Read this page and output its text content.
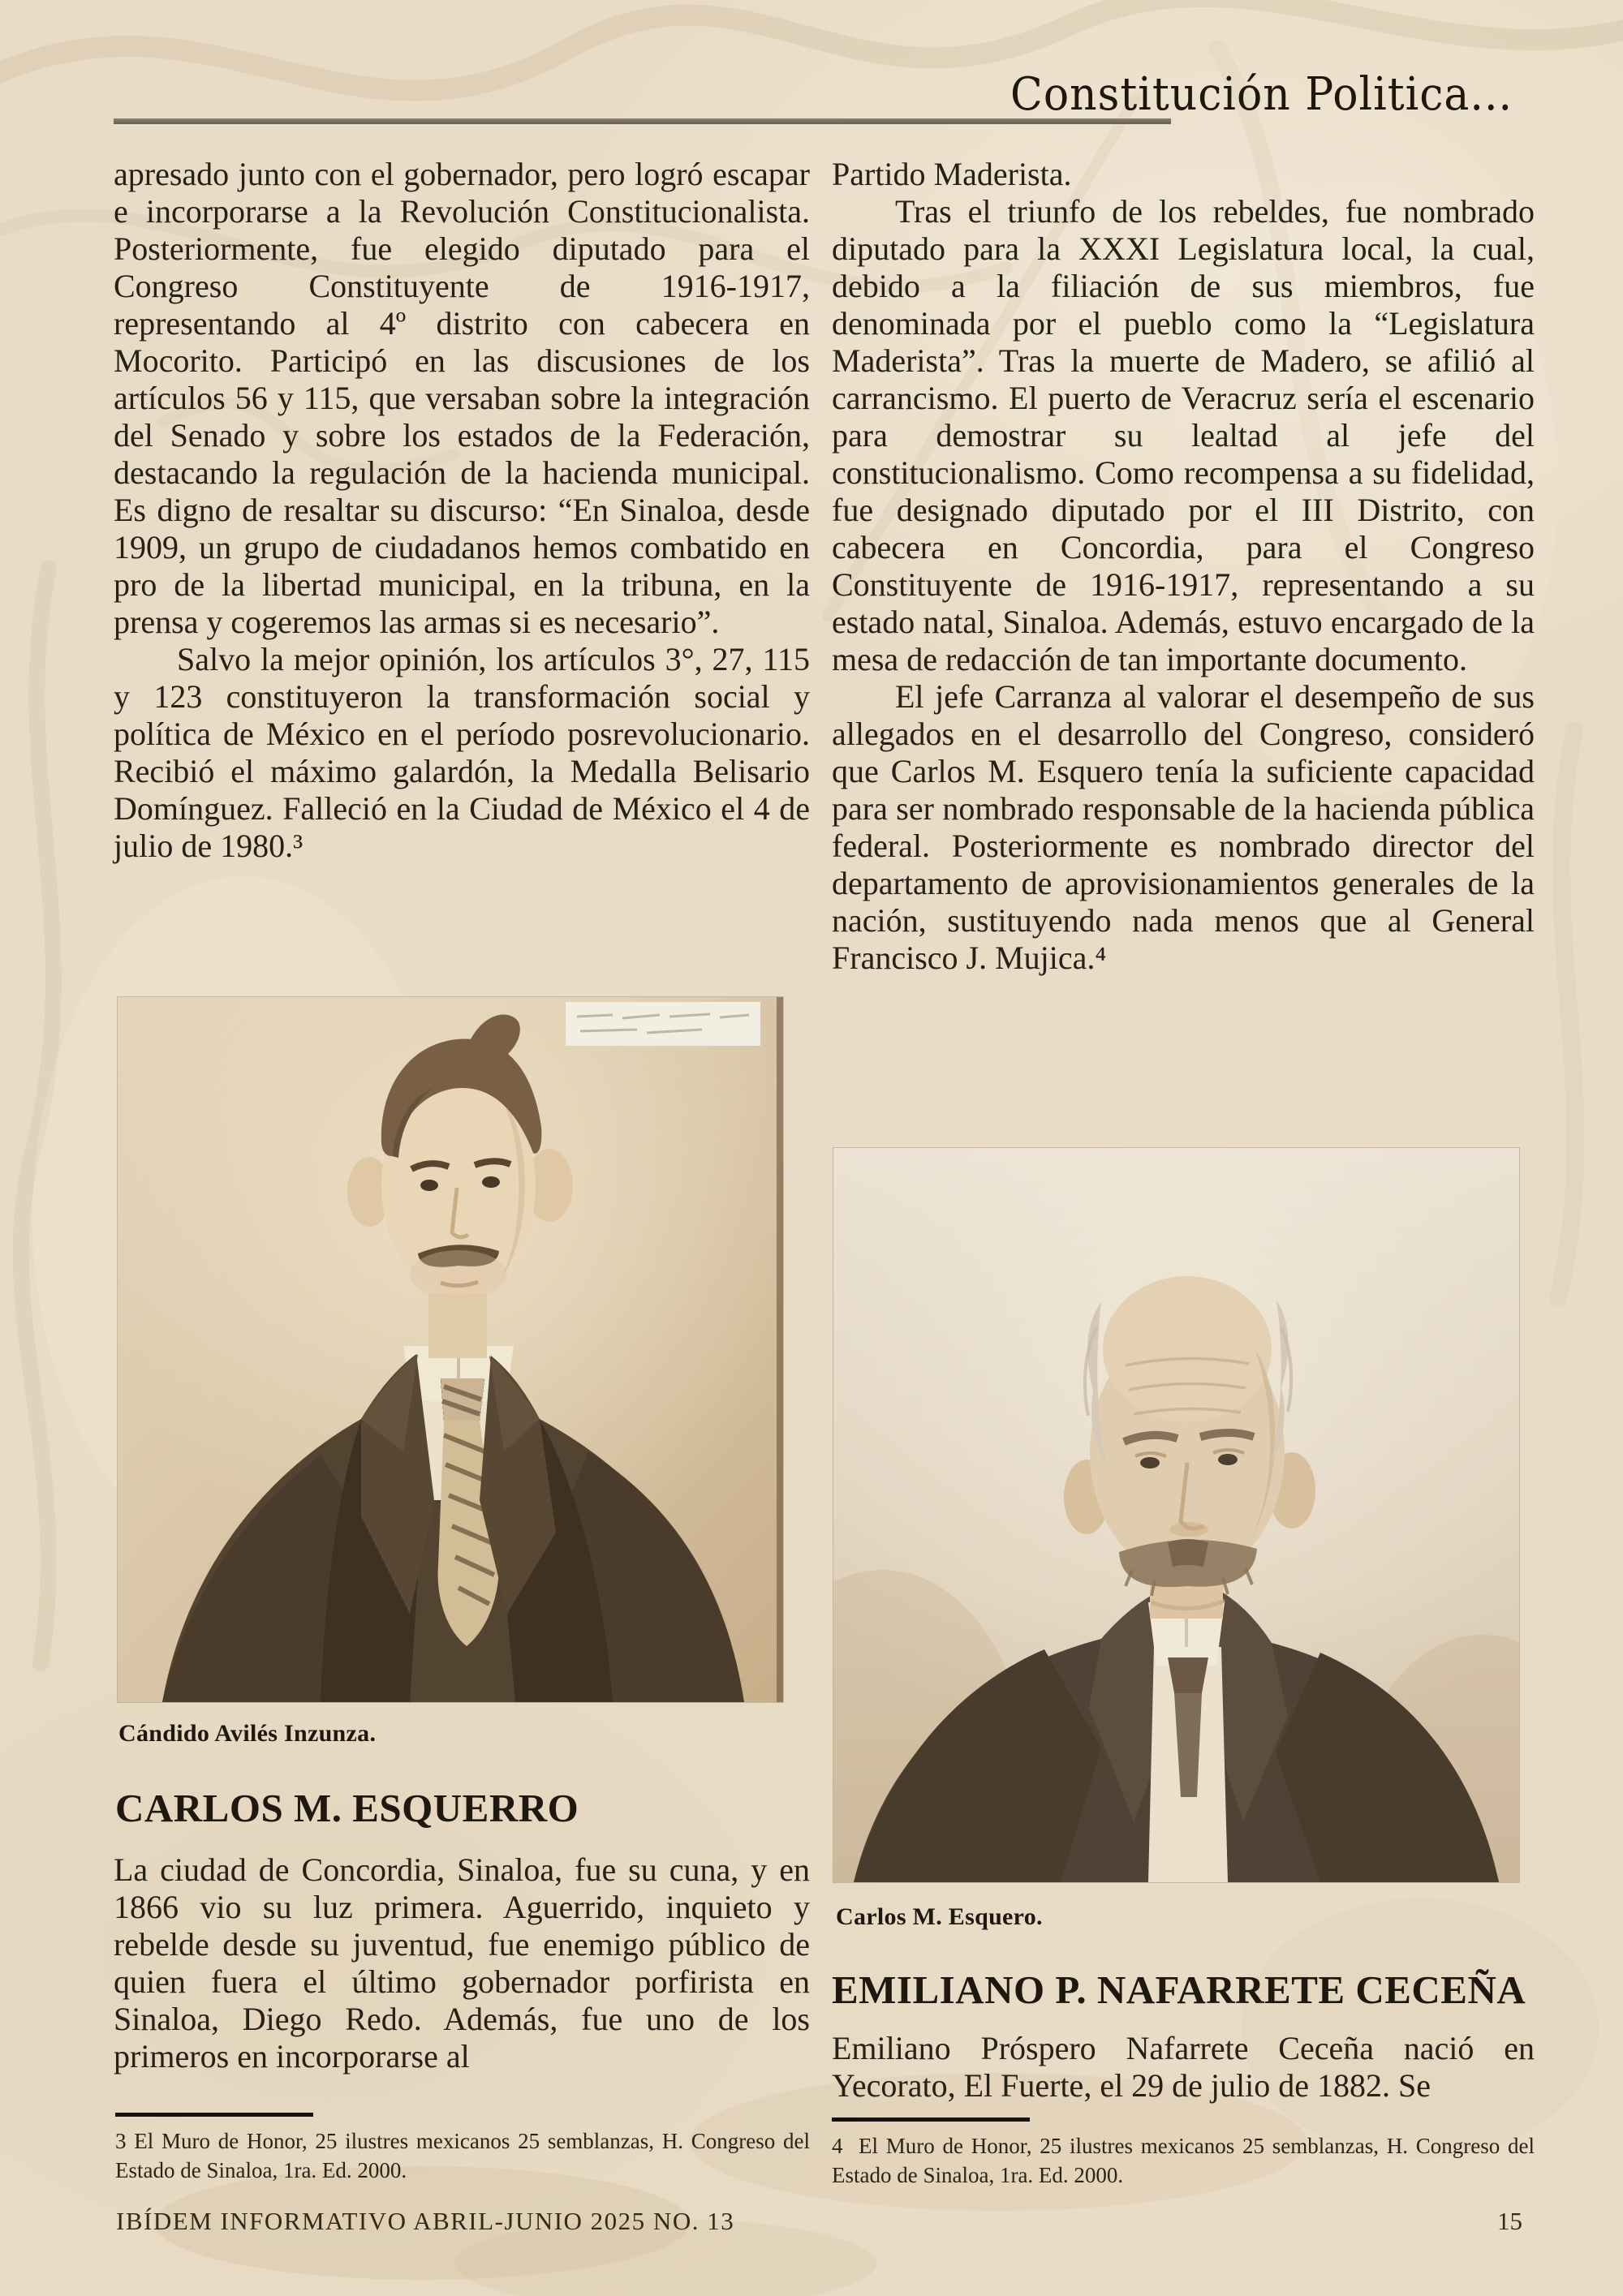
Constitución Politica...

apresado junto con el gobernador, pero logró escapar e incorporarse a la Revolución Constitucionalista. Posteriormente, fue elegido diputado para el Congreso Constituyente de 1916-1917, representando al 4º distrito con cabecera en Mocorito. Participó en las discusiones de los artículos 56 y 115, que versaban sobre la integración del Senado y sobre los estados de la Federación, destacando la regulación de la hacienda municipal. Es digno de resaltar su discurso: “En Sinaloa, desde 1909, un grupo de ciudadanos hemos combatido en pro de la libertad municipal, en la tribuna, en la prensa y cogeremos las armas si es necesario”.

Salvo la mejor opinión, los artículos 3°, 27, 115 y 123 constituyeron la transformación social y política de México en el período posrevolucionario. Recibió el máximo galardón, la Medalla Belisario Domínguez. Falleció en la Ciudad de México el 4 de julio de 1980.³

Cándido Avilés Inzunza.
CARLOS M. ESQUERRO

La ciudad de Concordia, Sinaloa, fue su cuna, y en 1866 vio su luz primera. Aguerrido, inquieto y rebelde desde su juventud, fue enemigo público de quien fuera el último gobernador porfirista en Sinaloa, Diego Redo. Además, fue uno de los primeros en incorporarse al

3 El Muro de Honor, 25 ilustres mexicanos 25 semblanzas, H. Congreso del Estado de Sinaloa, 1ra. Ed. 2000.

Partido Maderista.

Tras el triunfo de los rebeldes, fue nombrado diputado para la XXXI Legislatura local, la cual, debido a la filiación de sus miembros, fue denominada por el pueblo como la “Legislatura Maderista”. Tras la muerte de Madero, se afilió al carrancismo. El puerto de Veracruz sería el escenario para demostrar su lealtad al jefe del constitucionalismo. Como recompensa a su fidelidad, fue designado diputado por el III Distrito, con cabecera en Concordia, para el Congreso Constituyente de 1916-1917, representando a su estado natal, Sinaloa. Además, estuvo encargado de la mesa de redacción de tan importante documento.

El jefe Carranza al valorar el desempeño de sus allegados en el desarrollo del Congreso, consideró que Carlos M. Esquero tenía la suficiente capacidad para ser nombrado responsable de la hacienda pública federal. Posteriormente es nombrado director del departamento de aprovisionamientos generales de la nación, sustituyendo nada menos que al General Francisco J. Mujica.⁴

Carlos M. Esquero.
EMILIANO P. NAFARRETE CECEÑA

Emiliano Próspero Nafarrete Ceceña nació en Yecorato, El Fuerte, el 29 de julio de 1882. Se

4  El Muro de Honor, 25 ilustres mexicanos 25 semblanzas, H. Congreso del Estado de Sinaloa, 1ra. Ed. 2000.

IBÍDEM INFORMATIVO ABRIL-JUNIO 2025 NO. 13	15
